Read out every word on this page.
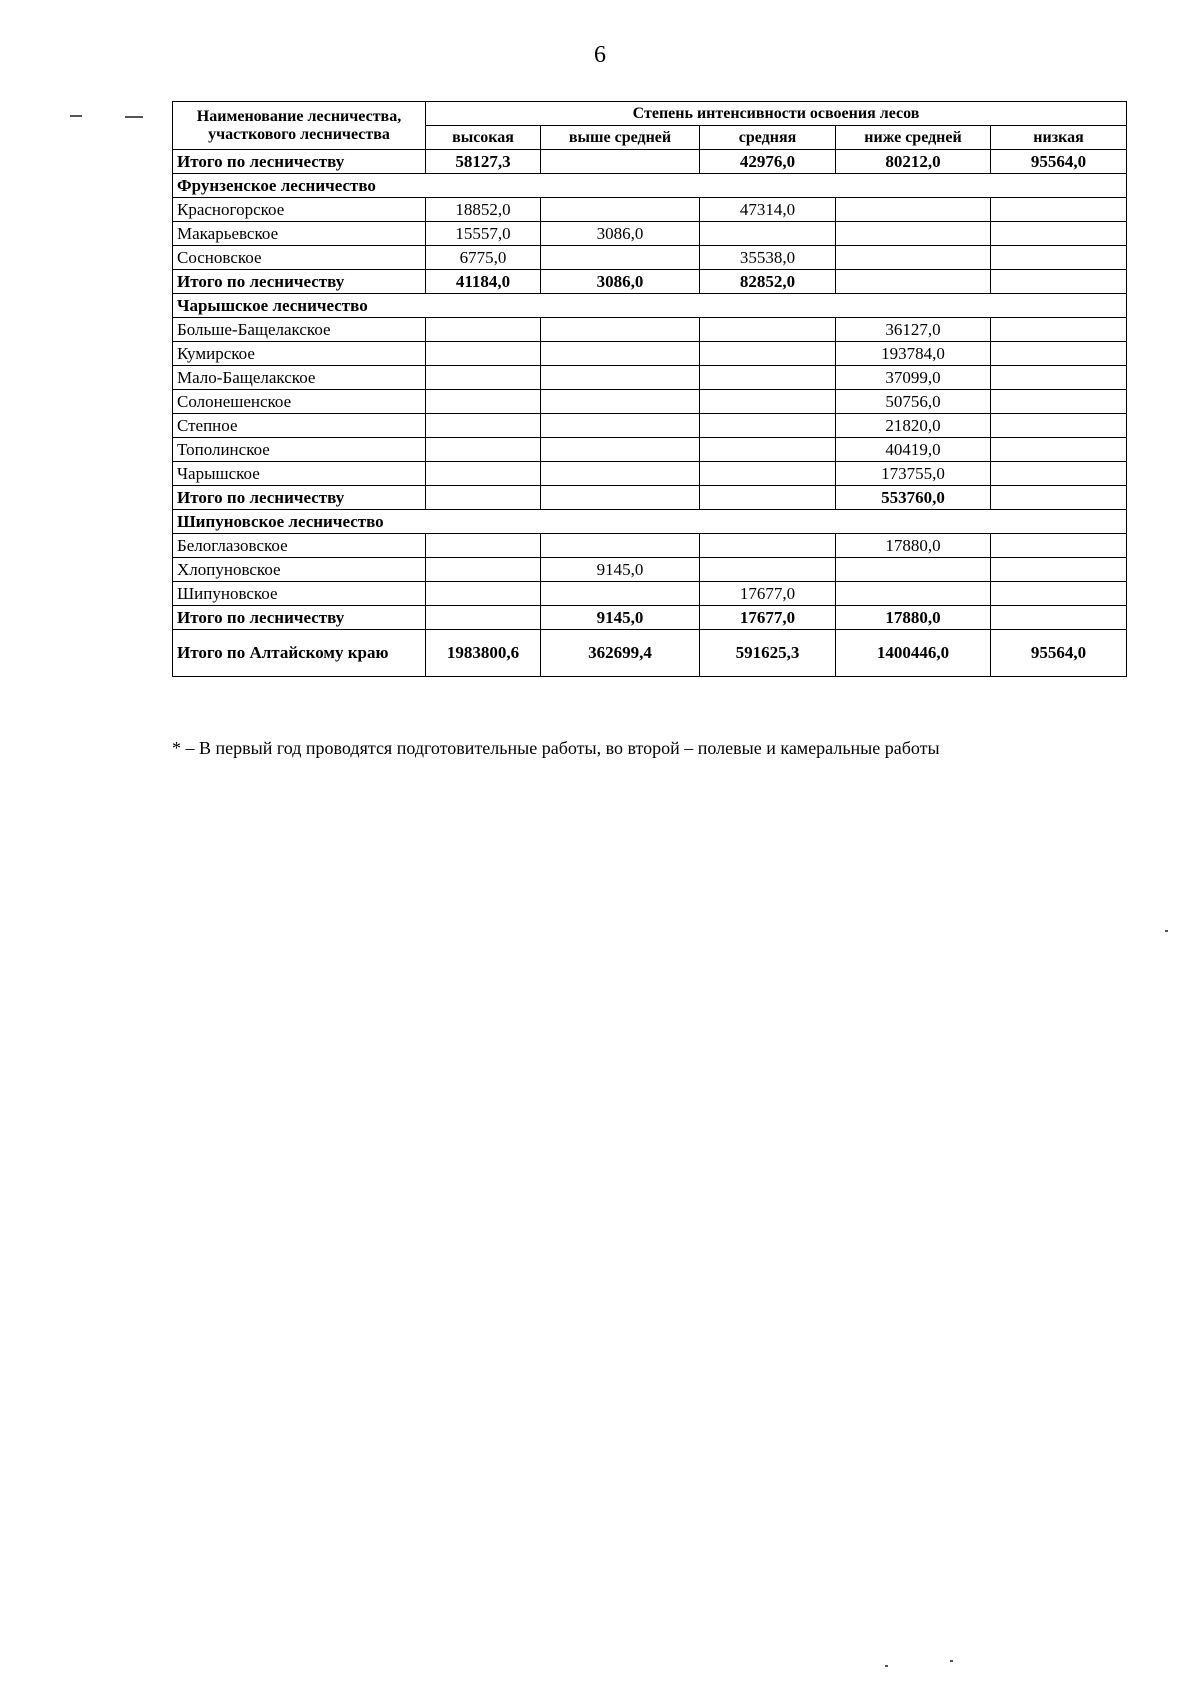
6
Наименование лесничества, участкового лесничества	Степень интенсивности освоения лесов				
	высокая	выше средней	средняя	ниже средней	низкая
Итого по лесничеству	58127,3		42976,0	80212,0	95564,0
Фрунзенское лесничество					
Красногорское	18852,0		47314,0		
Макарьевское	15557,0	3086,0			
Сосновское	6775,0		35538,0		
Итого по лесничеству	41184,0	3086,0	82852,0		
Чарышское лесничество					
Больше-Бащелакское				36127,0	
Кумирское				193784,0	
Мало-Бащелакское				37099,0	
Солонешенское				50756,0	
Степное				21820,0	
Тополинское				40419,0	
Чарышское				173755,0	
Итого по лесничеству				553760,0	
Шипуновское лесничество					
Белоглазовское				17880,0	
Хлопуновское		9145,0			
Шипуновское			17677,0		
Итого по лесничеству		9145,0	17677,0	17880,0	
Итого по Алтайскому краю	1983800,6	362699,4	591625,3	1400446,0	95564,0
* – В первый год проводятся подготовительные работы, во второй – полевые и камеральные работы
